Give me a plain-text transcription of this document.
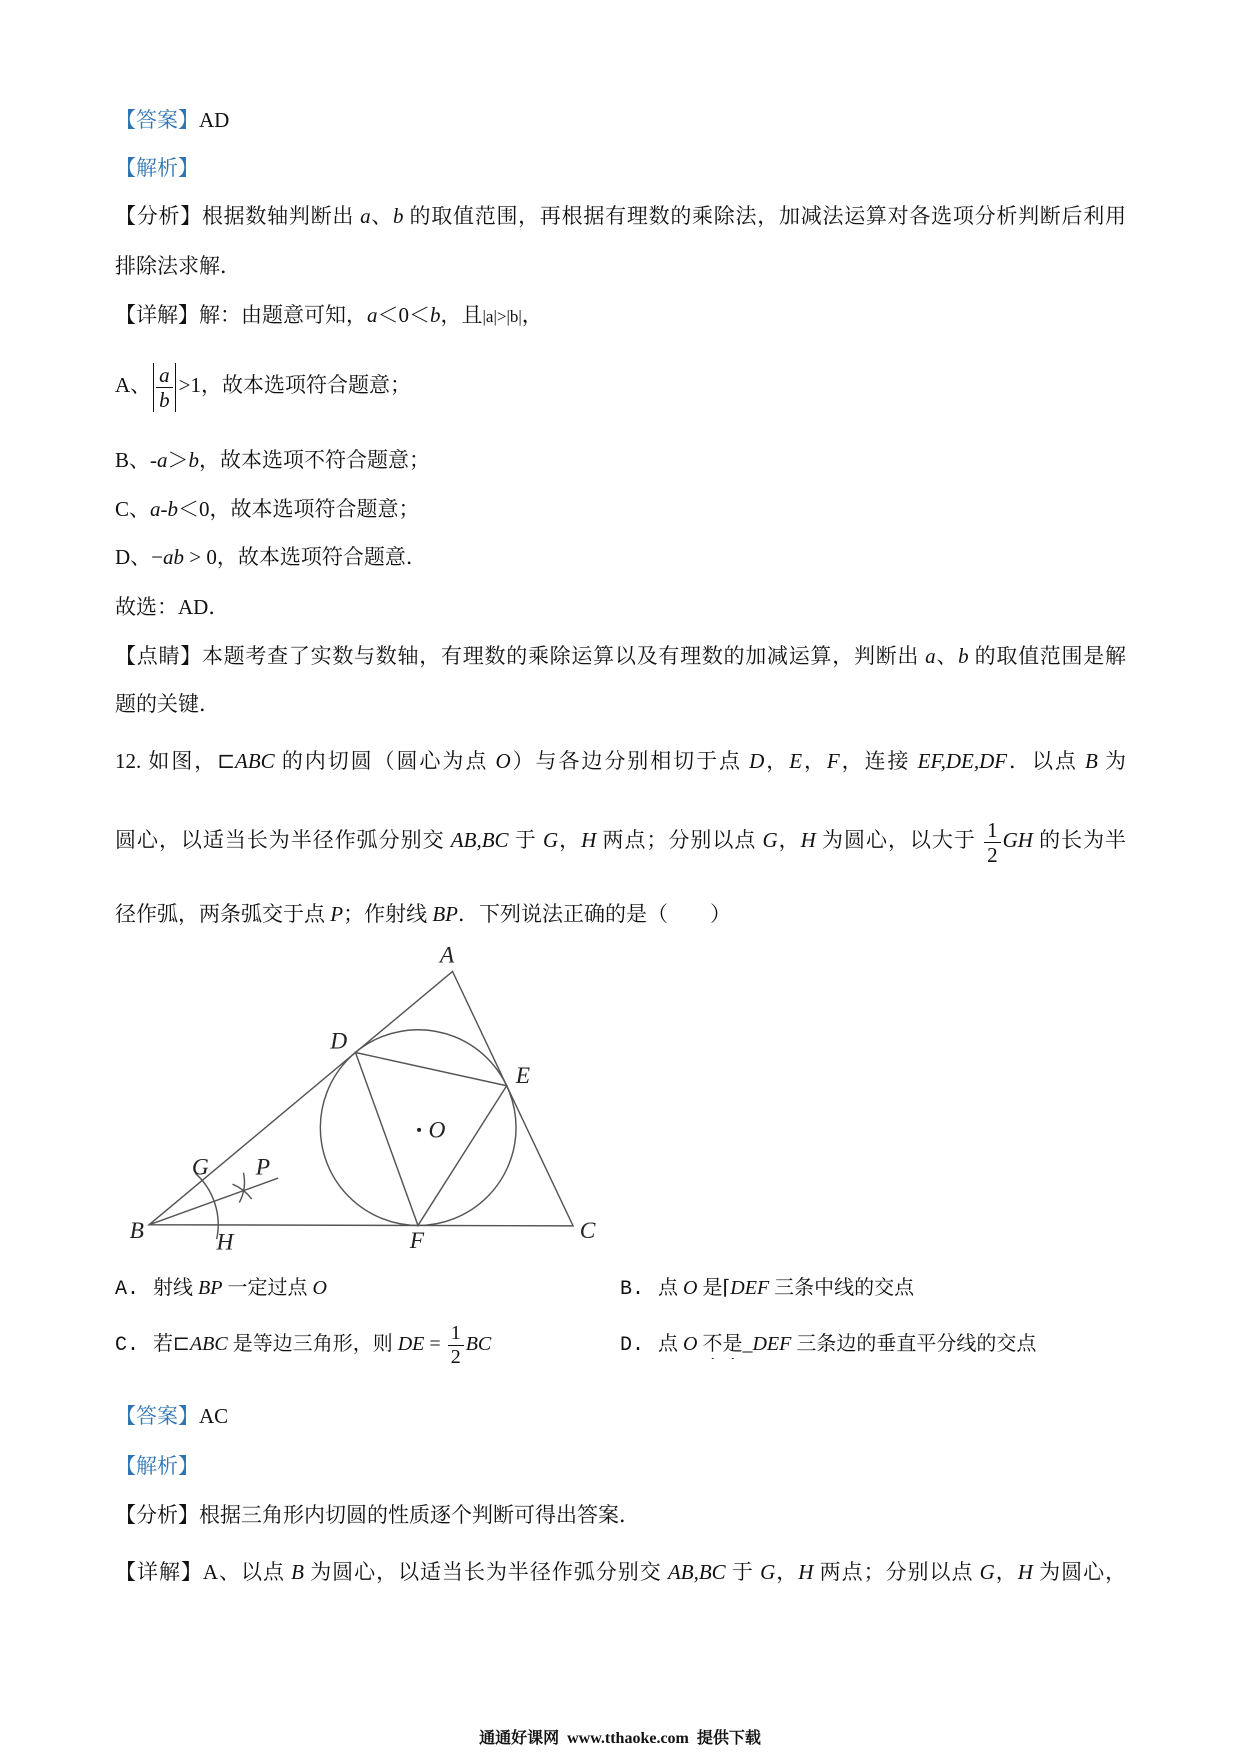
【答案】AD
【解析】
【分析】根据数轴判断出 a、b 的取值范围，再根据有理数的乘除法，加减法运算对各选项分析判断后利用
排除法求解．
【详解】解：由题意可知，a＜0＜b，且|a|>|b|，
A、 $\frac{a}{b} >1$，故本选项符合题意；
B、-a＞b，故本选项不符合题意；
C、a-b＜0，故本选项符合题意；
D、−ab > 0，故本选项符合题意．
故选：AD．
【点睛】本题考查了实数与数轴，有理数的乘除运算以及有理数的加减运算，判断出 a、b 的取值范围是解
题的关键．
12. 如图，⊏ABC 的内切圆（圆心为点 O）与各边分别相切于点 D，E，F，连接 EF,DE,DF．以点 B 为
圆心，以适当长为半径作弧分别交 AB,BC 于 G，H 两点；分别以点 G，H 为圆心，以大于 $\frac{1}{2}$ GH 的长为半
径作弧，两条弧交于点 P；作射线 BP．下列说法正确的是（　　）
A
B	C
D
E
F
G
H
P
O
A. 射线 BP 一定过点 O	B. 点 O 是⌈DEF 三条中线的交点
C. 若⊏ABC 是等边三角形，则 DE = $\frac{1}{2}$ BC	D. 点 O 不是_DEF 三条边的垂直平分线的交点
【答案】AC
【解析】
【分析】根据三角形内切圆的性质逐个判断可得出答案．
【详解】A、以点 B 为圆心，以适当长为半径作弧分别交 AB,BC 于 G，H 两点；分别以点 G，H 为圆心，
通通好课网  www.tthaoke.com  提供下载
